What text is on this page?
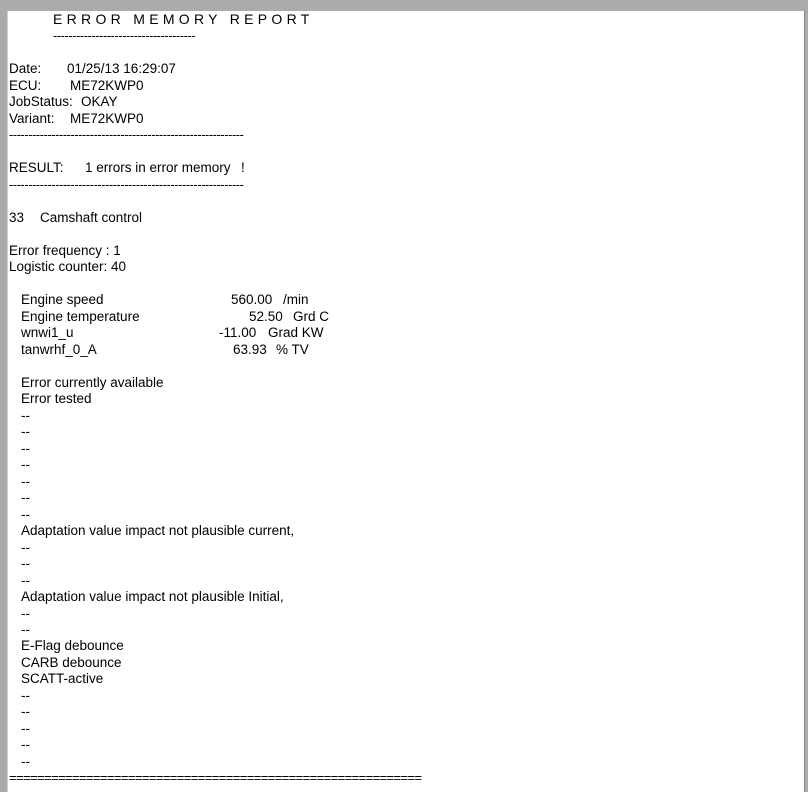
ERROR MEMORY REPORT
-------------------------------------
Date: 01/25/13 16:29:07
ECU: ME72KWP0
JobStatus: OKAY
Variant: ME72KWP0
-------------------------------------------------------------
RESULT: 1 errors in error memory !
-------------------------------------------------------------
33 Camshaft control
Error frequency : 1
Logistic counter: 40
Engine speed	560.00 /min
Engine temperature	52.50 Grd C
wnwi1_u	-11.00 Grad KW
tanwrhf_0_A	63.93 % TV
Error currently available
Error tested
--
--
--
--
--
--
--
Adaptation value impact not plausible current,
--
--
--
Adaptation value impact not plausible Initial,
--
--
E-Flag debounce
CARB debounce
SCATT-active
--
--
--
--
--
===========================================================
